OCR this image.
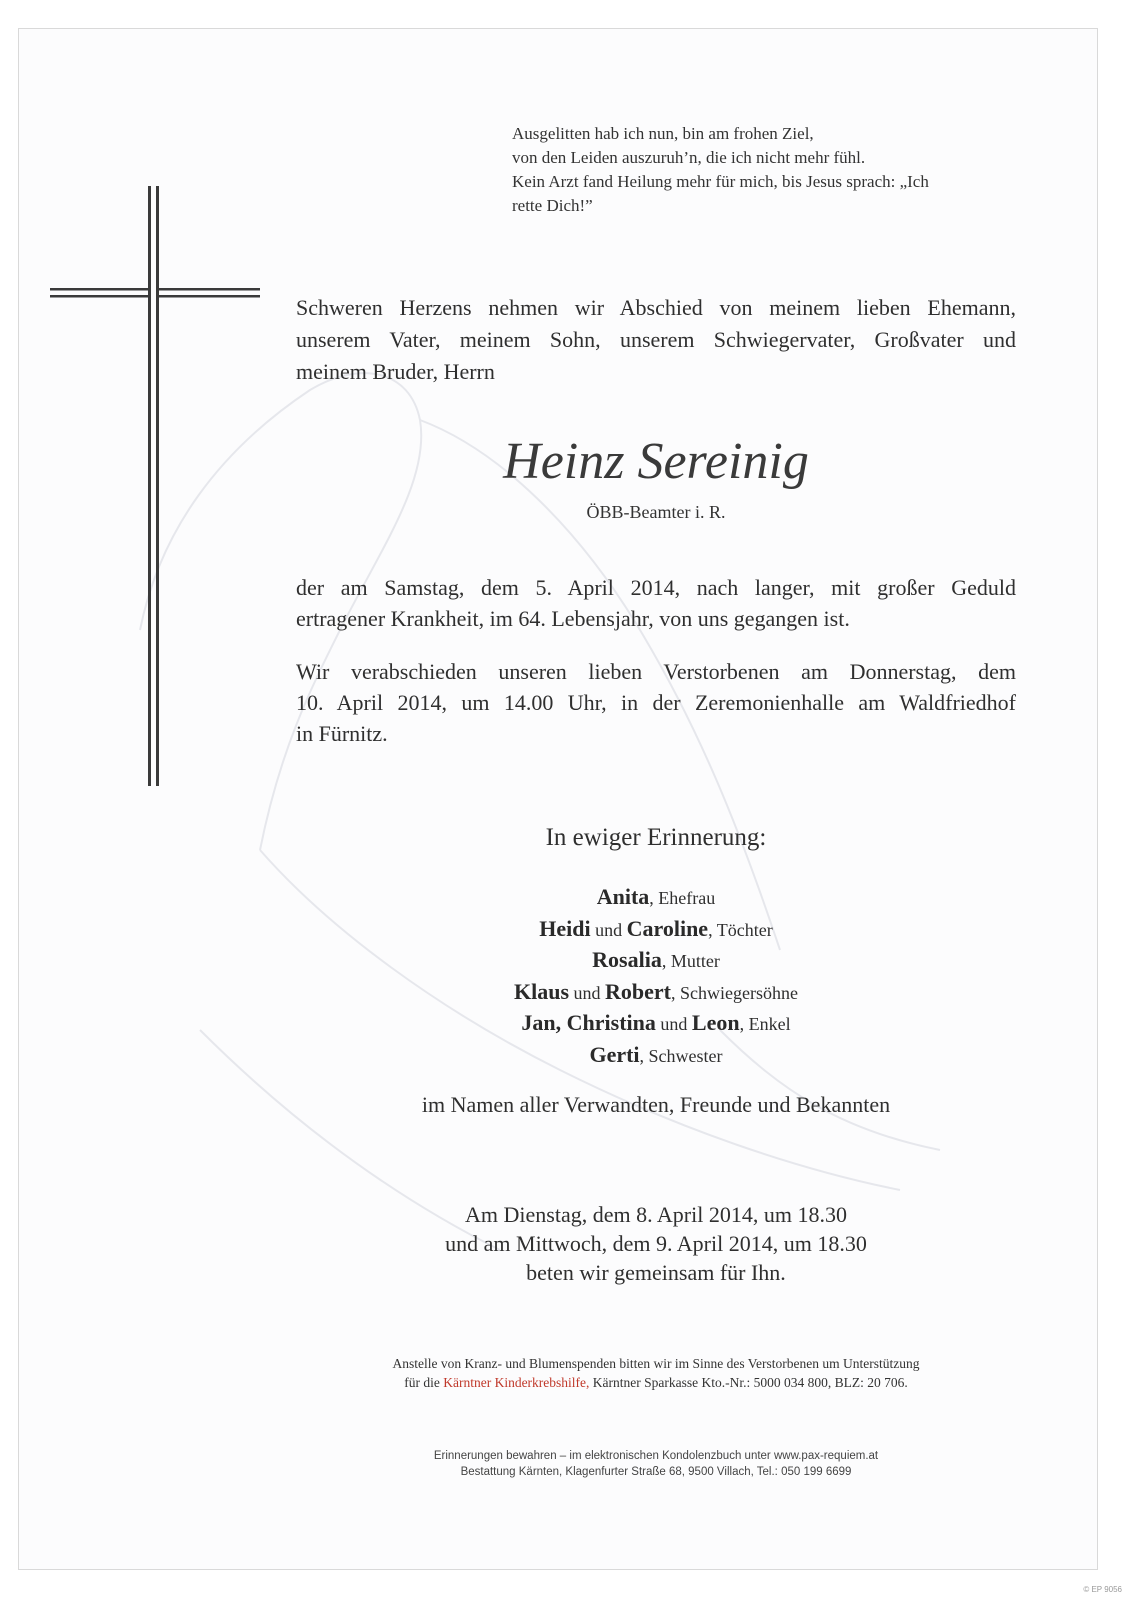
Ausgelitten hab ich nun, bin am frohen Ziel,
von den Leiden auszuruh’n, die ich nicht mehr fühl.
Kein Arzt fand Heilung mehr für mich, bis Jesus sprach: „Ich
rette Dich!”
Schweren Herzens nehmen wir Abschied von meinem lieben Ehemann,
unserem Vater, meinem Sohn, unserem Schwiegervater, Großvater und
meinem Bruder, Herrn
Heinz Sereinig
ÖBB-Beamter i. R.
der am Samstag, dem 5. April 2014, nach langer, mit großer Geduld
ertragener Krankheit, im 64. Lebensjahr, von uns gegangen ist.
Wir verabschieden unseren lieben Verstorbenen am Donnerstag, dem
10. April 2014, um 14.00 Uhr, in der Zeremonienhalle am Waldfriedhof
in Fürnitz.
In ewiger Erinnerung:
Anita, Ehefrau
Heidi und Caroline, Töchter
Rosalia, Mutter
Klaus und Robert, Schwiegersöhne
Jan, Christina und Leon, Enkel
Gerti, Schwester
im Namen aller Verwandten, Freunde und Bekannten
Am Dienstag, dem 8. April 2014, um 18.30
und am Mittwoch, dem 9. April 2014, um 18.30
beten wir gemeinsam für Ihn.
Anstelle von Kranz- und Blumenspenden bitten wir im Sinne des Verstorbenen um Unterstützung
für die Kärntner Kinderkrebshilfe, Kärntner Sparkasse Kto.-Nr.: 5000 034 800, BLZ: 20 706.
Erinnerungen bewahren – im elektronischen Kondolenzbuch unter www.pax-requiem.at
Bestattung Kärnten, Klagenfurter Straße 68, 9500 Villach, Tel.: 050 199 6699
© EP 9056
